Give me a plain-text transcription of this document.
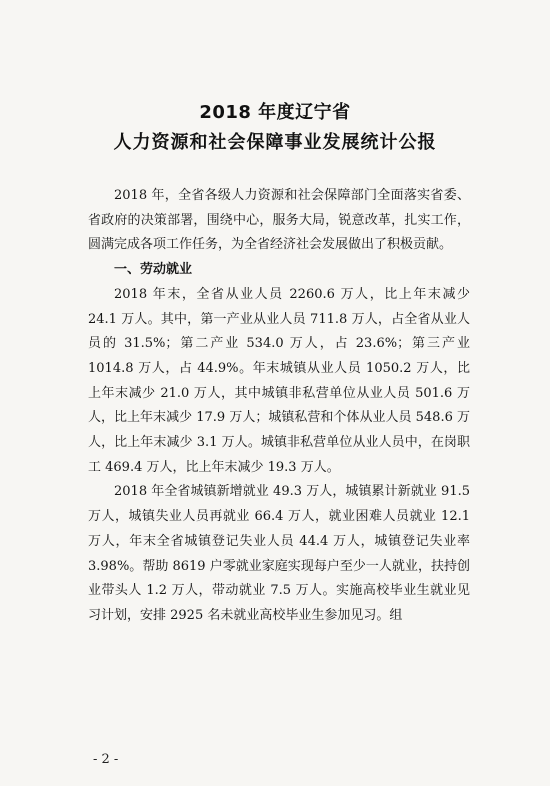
2018 年度辽宁省
人力资源和社会保障事业发展统计公报

2018 年，全省各级人力资源和社会保障部门全面落实省委、省政府的决策部署，围绕中心，服务大局，锐意改革，扎实工作，圆满完成各项工作任务，为全省经济社会发展做出了积极贡献。

一、劳动就业

2018 年末，全省从业人员 2260.6 万人，比上年末减少 24.1 万人。其中，第一产业从业人员 711.8 万人，占全省从业人员的 31.5%；第二产业 534.0 万人，占 23.6%；第三产业 1014.8 万人，占 44.9%。年末城镇从业人员 1050.2 万人，比上年末减少 21.0 万人，其中城镇非私营单位从业人员 501.6 万人，比上年末减少 17.9 万人；城镇私营和个体从业人员 548.6 万人，比上年末减少 3.1 万人。城镇非私营单位从业人员中，在岗职工 469.4 万人，比上年末减少 19.3 万人。

2018 年全省城镇新增就业 49.3 万人，城镇累计新就业 91.5 万人，城镇失业人员再就业 66.4 万人，就业困难人员就业 12.1 万人，年末全省城镇登记失业人员 44.4 万人，城镇登记失业率 3.98%。帮助 8619 户零就业家庭实现每户至少一人就业，扶持创业带头人 1.2 万人，带动就业 7.5 万人。实施高校毕业生就业见习计划，安排 2925 名未就业高校毕业生参加见习。组

- 2 -
